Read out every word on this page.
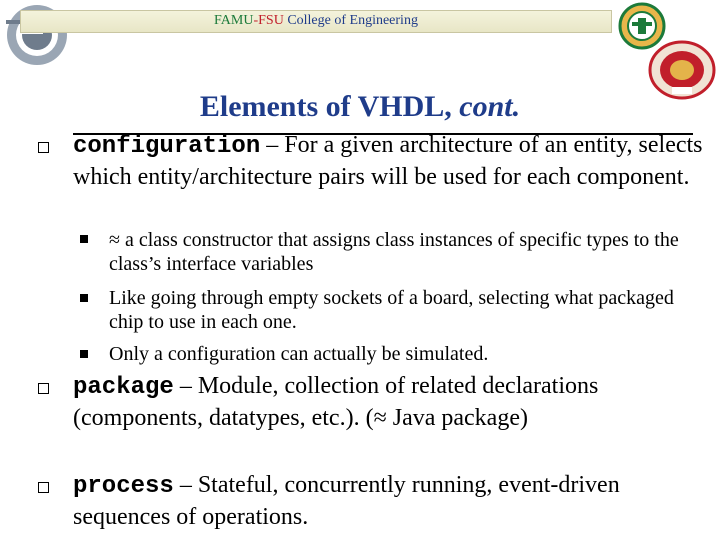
FAMU-FSU College of Engineering
Elements of VHDL, cont.
configuration – For a given architecture of an entity, selects which entity/architecture pairs will be used for each component.
≈ a class constructor that assigns class instances of specific types to the class’s interface variables
Like going through empty sockets of a board, selecting what packaged chip to use in each one.
Only a configuration can actually be simulated.
package – Module, collection of related declarations (components, datatypes, etc.). (≈ Java package)
process – Stateful, concurrently running, event-driven sequences of operations.
